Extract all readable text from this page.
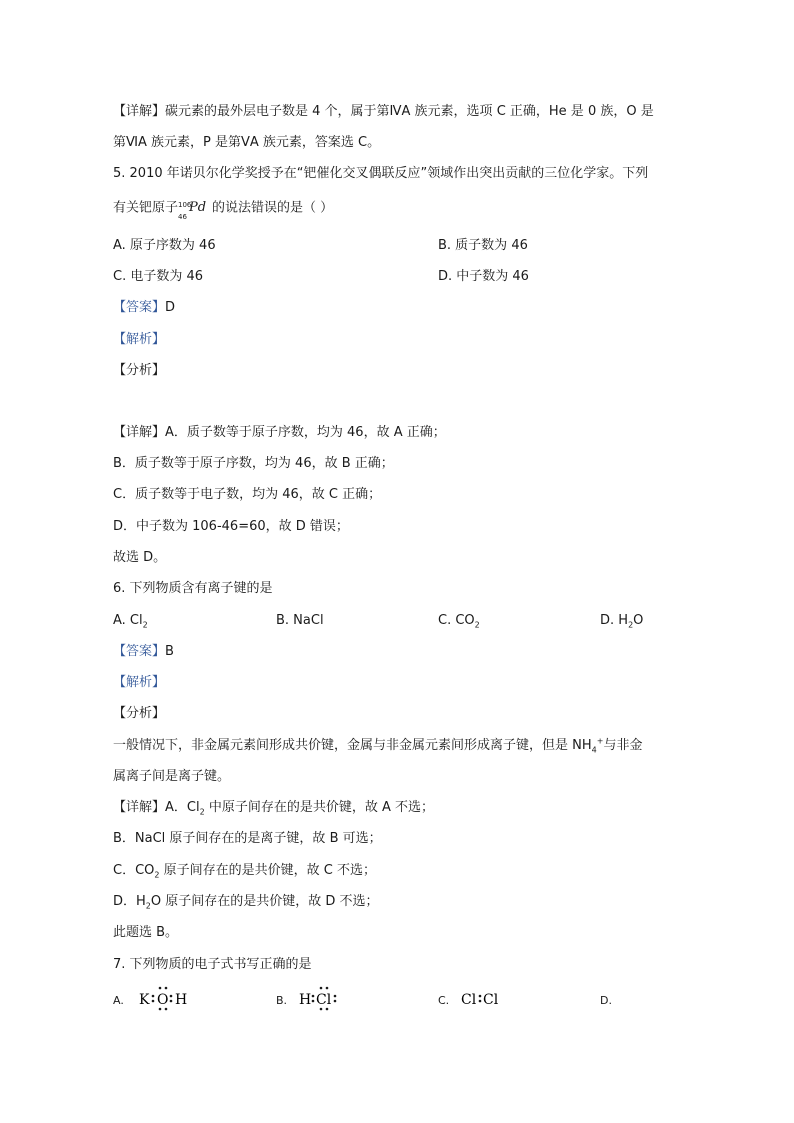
【详解】碳元素的最外层电子数是 4 个，属于第ⅣA 族元素，选项 C 正确，He 是 0 族，O 是
第ⅥA 族元素，P 是第ⅤA 族元素，答案选 C。
5. 2010 年诺贝尔化学奖授予在“钯催化交叉偶联反应”领域作出突出贡献的三位化学家。下列
有关钯原子 106
46
Pd 的说法错误的是（ ）
A. 原子序数为 46	B. 质子数为 46
C. 电子数为 46	D. 中子数为 46
【答案】D
【解析】
【分析】
【详解】A．质子数等于原子序数，均为 46，故 A 正确；
B．质子数等于原子序数，均为 46，故 B 正确；
C．质子数等于电子数，均为 46，故 C 正确；
D．中子数为 106-46=60，故 D 错误；
故选 D。
6. 下列物质含有离子键的是
A. $Cl_2$	B. NaCl	C. $CO_2$	D. $H_2O$
【答案】B
【解析】
【分析】
一般情况下，非金属元素间形成共价键，金属与非金属元素间形成离子键，但是 $NH_4^+$与非金
属离子间是离子键。
【详解】A．$Cl_2$ 中原子间存在的是共价键，故 A 不选；
B．NaCl 原子间存在的是离子键，故 B 可选；
C．$CO_2$ 原子间存在的是共价键，故 C 不选；
D．$H_2O$ 原子间存在的是共价键，故 D 不选；
此题选 B。
7. 下列物质的电子式书写正确的是
A. K O H	B. H Cl	C. Cl Cl	D.
